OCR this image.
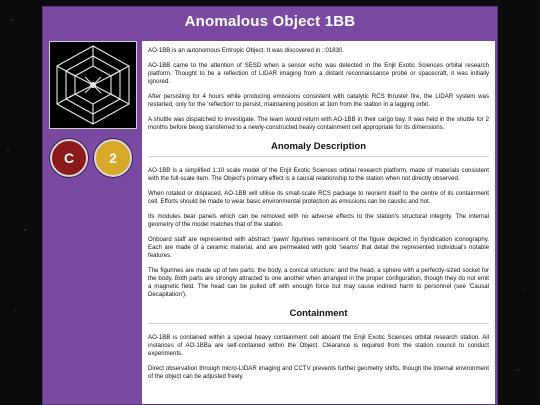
Anomalous Object 1BB
C	2

AO-1BB is an autonomous Entropic Object. It was discovered in ::01830.

AO-1BB came to the attention of SESD when a sensor echo was detected in the Enjil Exotic Sciences orbital research platform. Thought to be a reflection of LIDAR imaging from a distant reconnaissance probe or spacecraft, it was initially ignored.

After persisting for 4 hours while producing emissions consistent with catalytic RCS thruster fire, the LIDAR system was restarted, only for the 'reflection' to persist, maintaining position at 1km from the station in a lagging orbit.

A shuttle was dispatched to investigate. The team would return with AO-1BB in their cargo bay. It was held in the shuttle for 2 months before being transferred to a newly-constructed heavy containment cell appropriate for its dimensions.

Anomaly Description

AO-1BB is a simplified 1:10 scale model of the Enjil Exotic Sciences orbital research platform, made of materials consistent with the full-scale item. The Object's primary effect is a causal relationship to the station when not directly observed.

When rotated or displaced, AO-1BB will utilise its small-scale RCS package to reorient itself to the centre of its containment cell. Efforts should be made to wear basic environmental protection as emissions can be caustic and hot.

Its modules bear panels which can be removed with no adverse effects to the station's structural integrity. The internal geometry of the model matches that of the station.

Onboard staff are represented with abstract 'pawn' figurines reminiscent of the figure depicted in Syndication iconography. Each are made of a ceramic material, and are permeated with gold 'seams' that detail the represented individual's notable features.

The figurines are made up of two parts: the body, a conical structure; and the head, a sphere with a perfectly-sized socket for the body. Both parts are strongly attracted to one another when arranged in the proper configuration, though they do not emit a magnetic field. The head can be pulled off with enough force but may cause indirect harm to personnel (see 'Causal Decapitation').

Containment

AO-1BB is contained within a special heavy containment cell aboard the Enjil Exotic Sciences orbital research station. All instances of AO-1BBa are self-contained within the Object. Clearance is required from the station council to conduct experiments.

Direct observation through micro-LIDAR imaging and CCTV prevents further geometry shifts, though the internal environment of the object can be adjusted freely.
